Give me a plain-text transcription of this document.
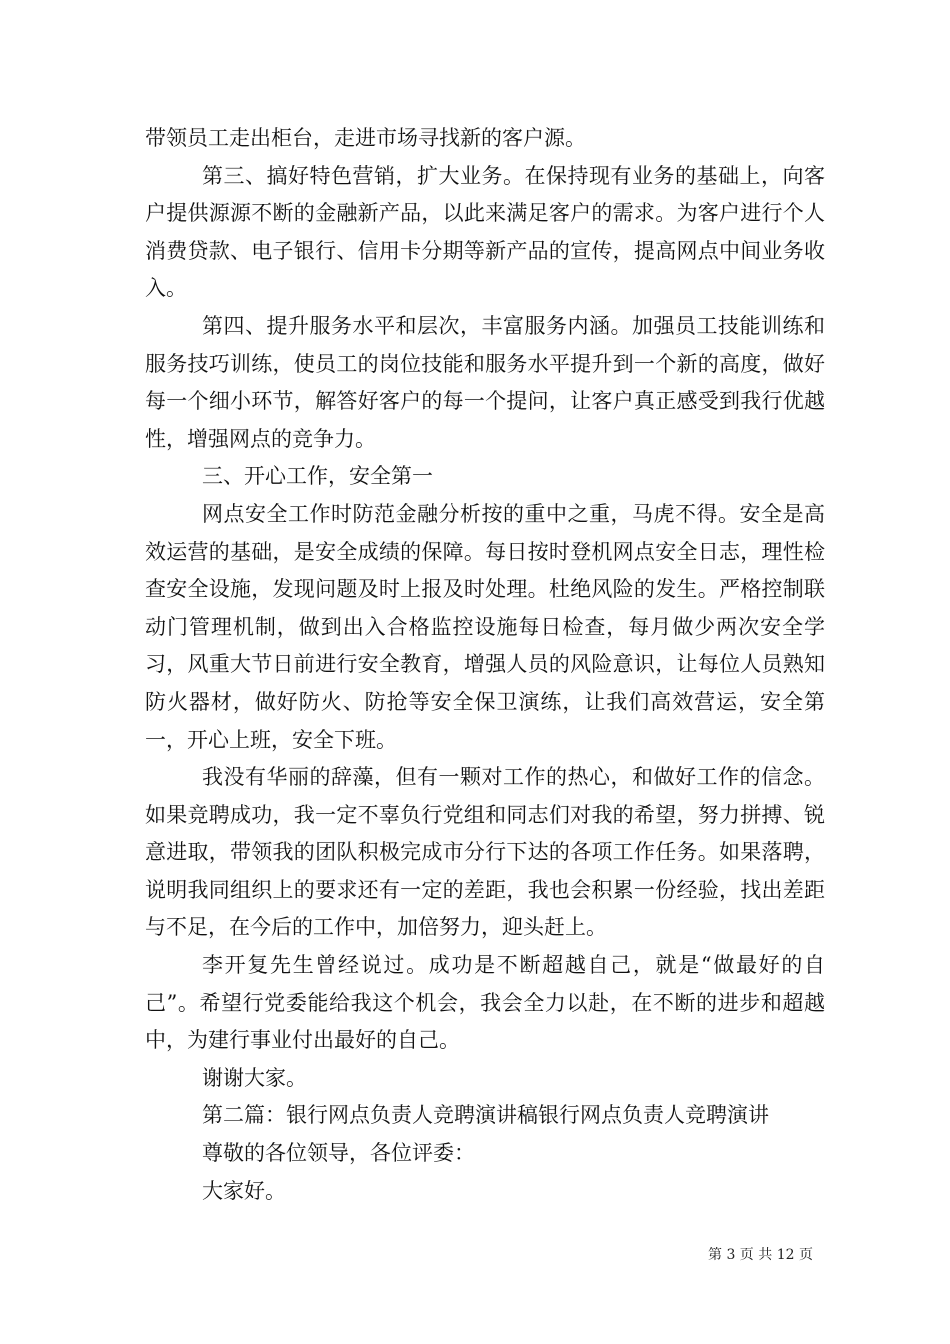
带领员工走出柜台，走进市场寻找新的客户源。

第三、搞好特色营销，扩大业务。在保持现有业务的基础上，向客户提供源源不断的金融新产品，以此来满足客户的需求。为客户进行个人消费贷款、电子银行、信用卡分期等新产品的宣传，提高网点中间业务收入。

第四、提升服务水平和层次，丰富服务内涵。加强员工技能训练和服务技巧训练，使员工的岗位技能和服务水平提升到一个新的高度，做好每一个细小环节，解答好客户的每一个提问，让客户真正感受到我行优越性，增强网点的竞争力。

三、开心工作，安全第一

网点安全工作时防范金融分析按的重中之重，马虎不得。安全是高效运营的基础，是安全成绩的保障。每日按时登机网点安全日志，理性检查安全设施，发现问题及时上报及时处理。杜绝风险的发生。严格控制联动门管理机制，做到出入合格监控设施每日检查，每月做少两次安全学习，风重大节日前进行安全教育，增强人员的风险意识，让每位人员熟知防火器材，做好防火、防抢等安全保卫演练，让我们高效营运，安全第一，开心上班，安全下班。

我没有华丽的辞藻，但有一颗对工作的热心，和做好工作的信念。如果竞聘成功，我一定不辜负行党组和同志们对我的希望，努力拼搏、锐意进取，带领我的团队积极完成市分行下达的各项工作任务。如果落聘，说明我同组织上的要求还有一定的差距，我也会积累一份经验，找出差距与不足，在今后的工作中，加倍努力，迎头赶上。

李开复先生曾经说过。成功是不断超越自己，就是“做最好的自己”。希望行党委能给我这个机会，我会全力以赴，在不断的进步和超越中，为建行事业付出最好的自己。

谢谢大家。

第二篇：银行网点负责人竞聘演讲稿银行网点负责人竞聘演讲

尊敬的各位领导，各位评委：

大家好。

第 3 页 共 12 页
